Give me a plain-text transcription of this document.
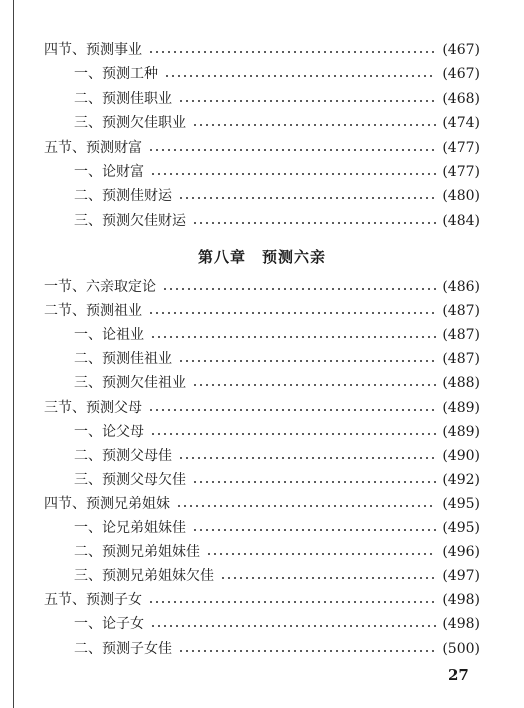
四节、预测事业	(467)
一、预测工种	(467)
二、预测佳职业	(468)
三、预测欠佳职业	(474)
五节、预测财富	(477)
一、论财富	(477)
二、预测佳财运	(480)
三、预测欠佳财运	(484)
第八章　预测六亲
一节、六亲取定论	(486)
二节、预测祖业	(487)
一、论祖业	(487)
二、预测佳祖业	(487)
三、预测欠佳祖业	(488)
三节、预测父母	(489)
一、论父母	(489)
二、预测父母佳	(490)
三、预测父母欠佳	(492)
四节、预测兄弟姐妹	(495)
一、论兄弟姐妹佳	(495)
二、预测兄弟姐妹佳	(496)
三、预测兄弟姐妹欠佳	(497)
五节、预测子女	(498)
一、论子女	(498)
二、预测子女佳	(500)
27
